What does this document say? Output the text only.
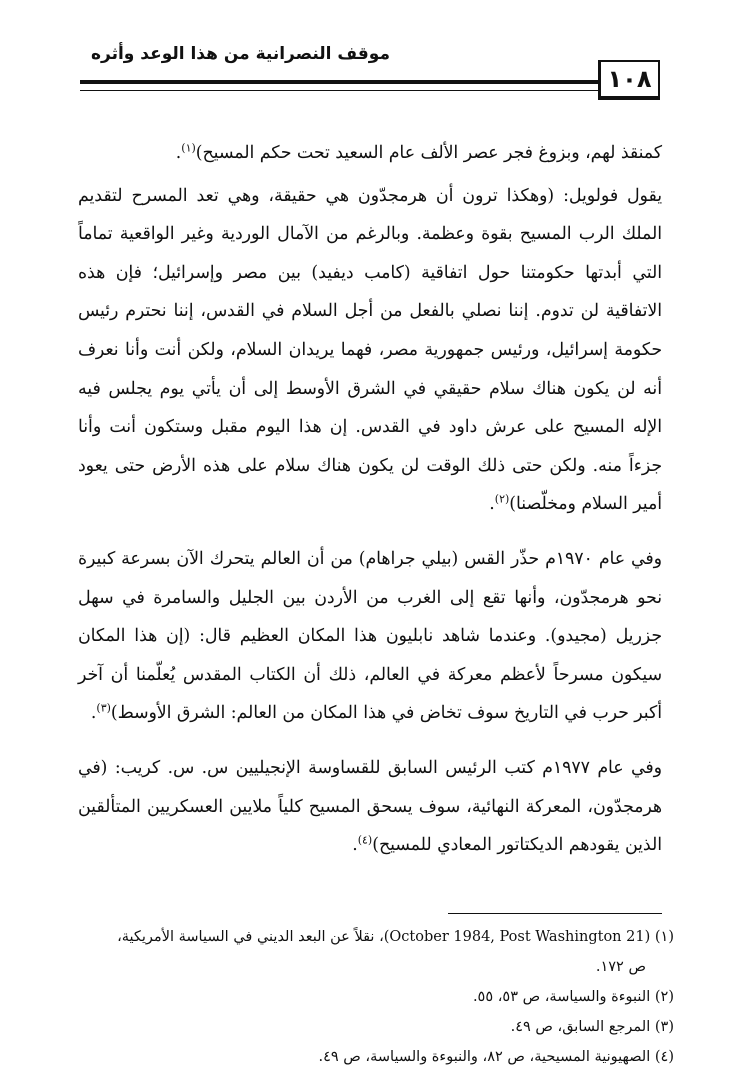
موقف النصرانية من هذا الوعد وأثره
١٠٨

كمنقذ لهم، وبزوغ فجر عصر الألف عام السعيد تحت حكم المسيح)$^{(١)}$.

يقول فولويل: (وهكذا ترون أن هرمجدّون هي حقيقة، وهي تعد المسرح لتقديم الملك الرب المسيح بقوة وعظمة. وبالرغم من الآمال الوردية وغير الواقعية تماماً التي أبدتها حكومتنا حول اتفاقية (كامب ديفيد) بين مصر وإسرائيل؛ فإن هذه الاتفاقية لن تدوم. إننا نصلي بالفعل من أجل السلام في القدس، إننا نحترم رئيس حكومة إسرائيل، ورئيس جمهورية مصر، فهما يريدان السلام، ولكن أنت وأنا نعرف أنه لن يكون هناك سلام حقيقي في الشرق الأوسط إلى أن يأتي يوم يجلس فيه الإله المسيح على عرش داود في القدس. إن هذا اليوم مقبل وستكون أنت وأنا جزءاً منه. ولكن حتى ذلك الوقت لن يكون هناك سلام على هذه الأرض حتى يعود أمير السلام ومخلّصنا)$^{(٢)}$.

وفي عام ١٩٧٠م حذّر القس (بيلي جراهام) من أن العالم يتحرك الآن بسرعة كبيرة نحو هرمجدّون، وأنها تقع إلى الغرب من الأردن بين الجليل والسامرة في سهل جزريل (مجيدو). وعندما شاهد نابليون هذا المكان العظيم قال: (إن هذا المكان سيكون مسرحاً لأعظم معركة في العالم، ذلك أن الكتاب المقدس يُعلّمنا أن آخر أكبر حرب في التاريخ سوف تخاض في هذا المكان من العالم: الشرق الأوسط)$^{(٣)}$.

وفي عام ١٩٧٧م كتب الرئيس السابق للقساوسة الإنجيليين س. س. كريب: (في هرمجدّون، المعركة النهائية، سوف يسحق المسيح كلياً ملايين العسكريين المتألقين الذين يقودهم الديكتاتور المعادي للمسيح)$^{(٤)}$.

(١) (21 October 1984, Post Washington)، نقلاً عن البعد الديني في السياسة الأمريكية،

ص ١٧٢.

(٢) النبوءة والسياسة، ص ٥٣، ٥٥.

(٣) المرجع السابق، ص ٤٩.

(٤) الصهيونية المسيحية، ص ٨٢، والنبوءة والسياسة، ص ٤٩.
